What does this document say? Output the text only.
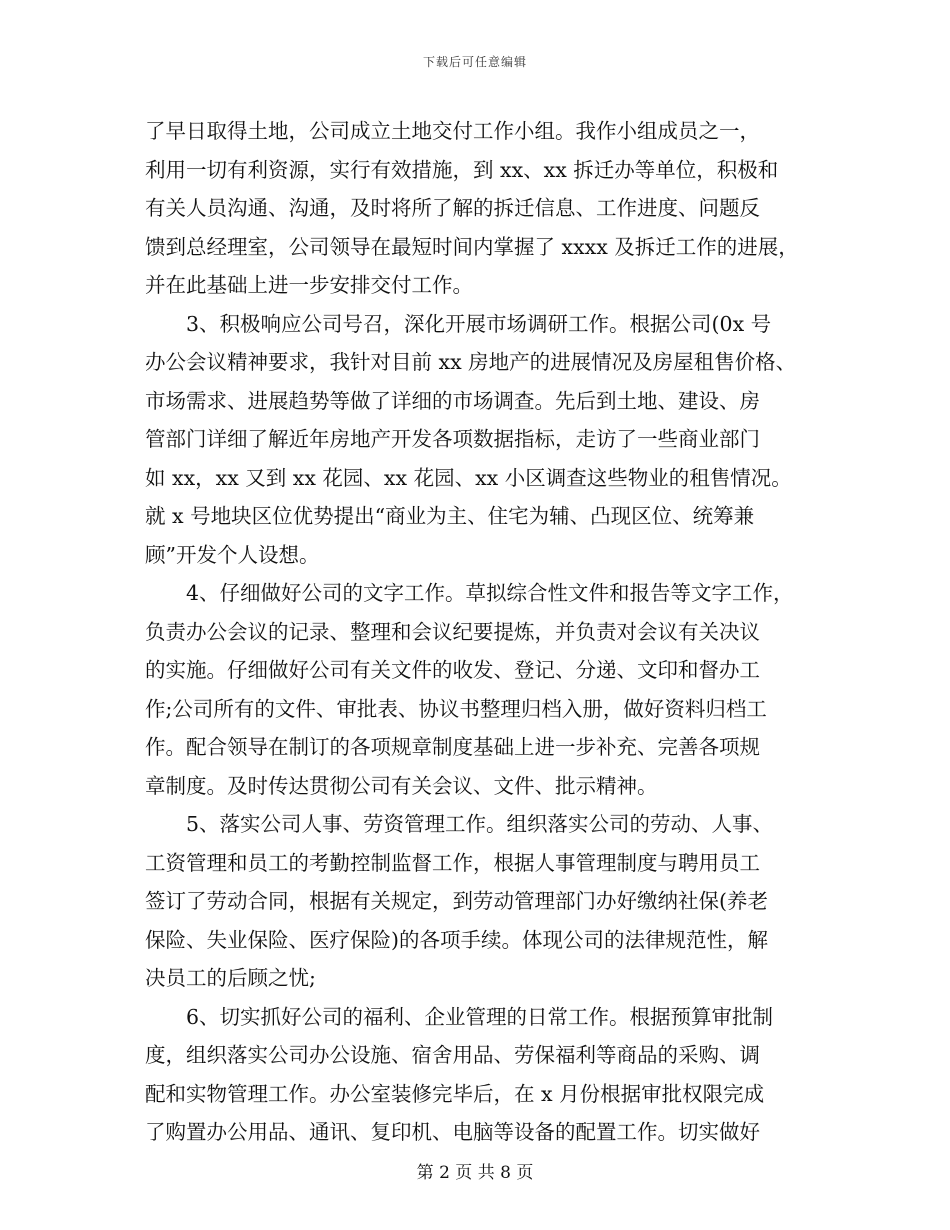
下载后可任意编辑
了早日取得土地，公司成立土地交付工作小组。我作小组成员之一，
利用一切有利资源，实行有效措施，到 xx、xx 拆迁办等单位，积极和
有关人员沟通、沟通，及时将所了解的拆迁信息、工作进度、问题反
馈到总经理室，公司领导在最短时间内掌握了 xxxx 及拆迁工作的进展，
并在此基础上进一步安排交付工作。
3、积极响应公司号召，深化开展市场调研工作。根据公司(0x 号
办公会议精神要求，我针对目前 xx 房地产的进展情况及房屋租售价格、
市场需求、进展趋势等做了详细的市场调查。先后到土地、建设、房
管部门详细了解近年房地产开发各项数据指标，走访了一些商业部门
如 xx，xx 又到 xx 花园、xx 花园、xx 小区调查这些物业的租售情况。
就 x 号地块区位优势提出“商业为主、住宅为辅、凸现区位、统筹兼
顾”开发个人设想。
4、仔细做好公司的文字工作。草拟综合性文件和报告等文字工作，
负责办公会议的记录、整理和会议纪要提炼，并负责对会议有关决议
的实施。仔细做好公司有关文件的收发、登记、分递、文印和督办工
作;公司所有的文件、审批表、协议书整理归档入册，做好资料归档工
作。配合领导在制订的各项规章制度基础上进一步补充、完善各项规
章制度。及时传达贯彻公司有关会议、文件、批示精神。
5、落实公司人事、劳资管理工作。组织落实公司的劳动、人事、
工资管理和员工的考勤控制监督工作，根据人事管理制度与聘用员工
签订了劳动合同，根据有关规定，到劳动管理部门办好缴纳社保(养老
保险、失业保险、医疗保险)的各项手续。体现公司的法律规范性，解
决员工的后顾之忧;
6、切实抓好公司的福利、企业管理的日常工作。根据预算审批制
度，组织落实公司办公设施、宿舍用品、劳保福利等商品的采购、调
配和实物管理工作。办公室装修完毕后，在 x 月份根据审批权限完成
了购置办公用品、通讯、复印机、电脑等设备的配置工作。切实做好
第 2 页 共 8 页
